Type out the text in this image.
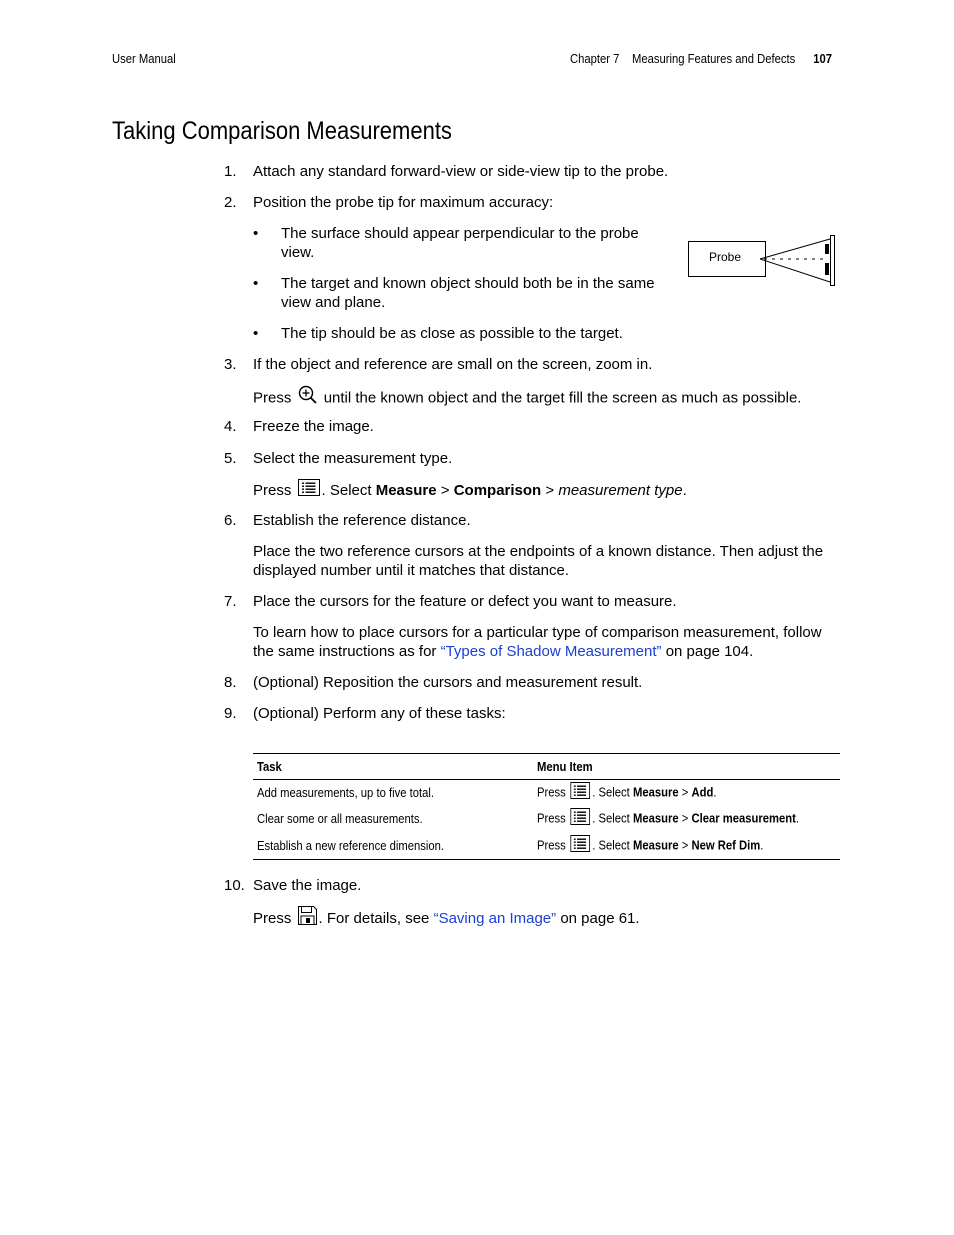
User Manual	Chapter 7 Measuring Features and Defects 107
Taking Comparison Measurements
1. Attach any standard forward-view or side-view tip to the probe.
2. Position the probe tip for maximum accuracy:
• The surface should appear perpendicular to the probe
view.
• The target and known object should both be in the same
view and plane.
• The tip should be as close as possible to the target.
Probe
3. If the object and reference are small on the screen, zoom in.
Press until the known object and the target fill the screen as much as possible.
4. Freeze the image.
5. Select the measurement type.
Press . Select Measure > Comparison > measurement type.
6. Establish the reference distance.
Place the two reference cursors at the endpoints of a known distance. Then adjust the
displayed number until it matches that distance.
7. Place the cursors for the feature or defect you want to measure.
To learn how to place cursors for a particular type of comparison measurement, follow
the same instructions as for “Types of Shadow Measurement” on page 104.
8. (Optional) Reposition the cursors and measurement result.
9. (Optional) Perform any of these tasks:
Task	Menu Item
Add measurements, up to five total.	Press . Select Measure > Add.
Clear some or all measurements.	Press . Select Measure > Clear measurement.
Establish a new reference dimension.	Press . Select Measure > New Ref Dim.
10. Save the image.
Press . For details, see “Saving an Image” on page 61.
